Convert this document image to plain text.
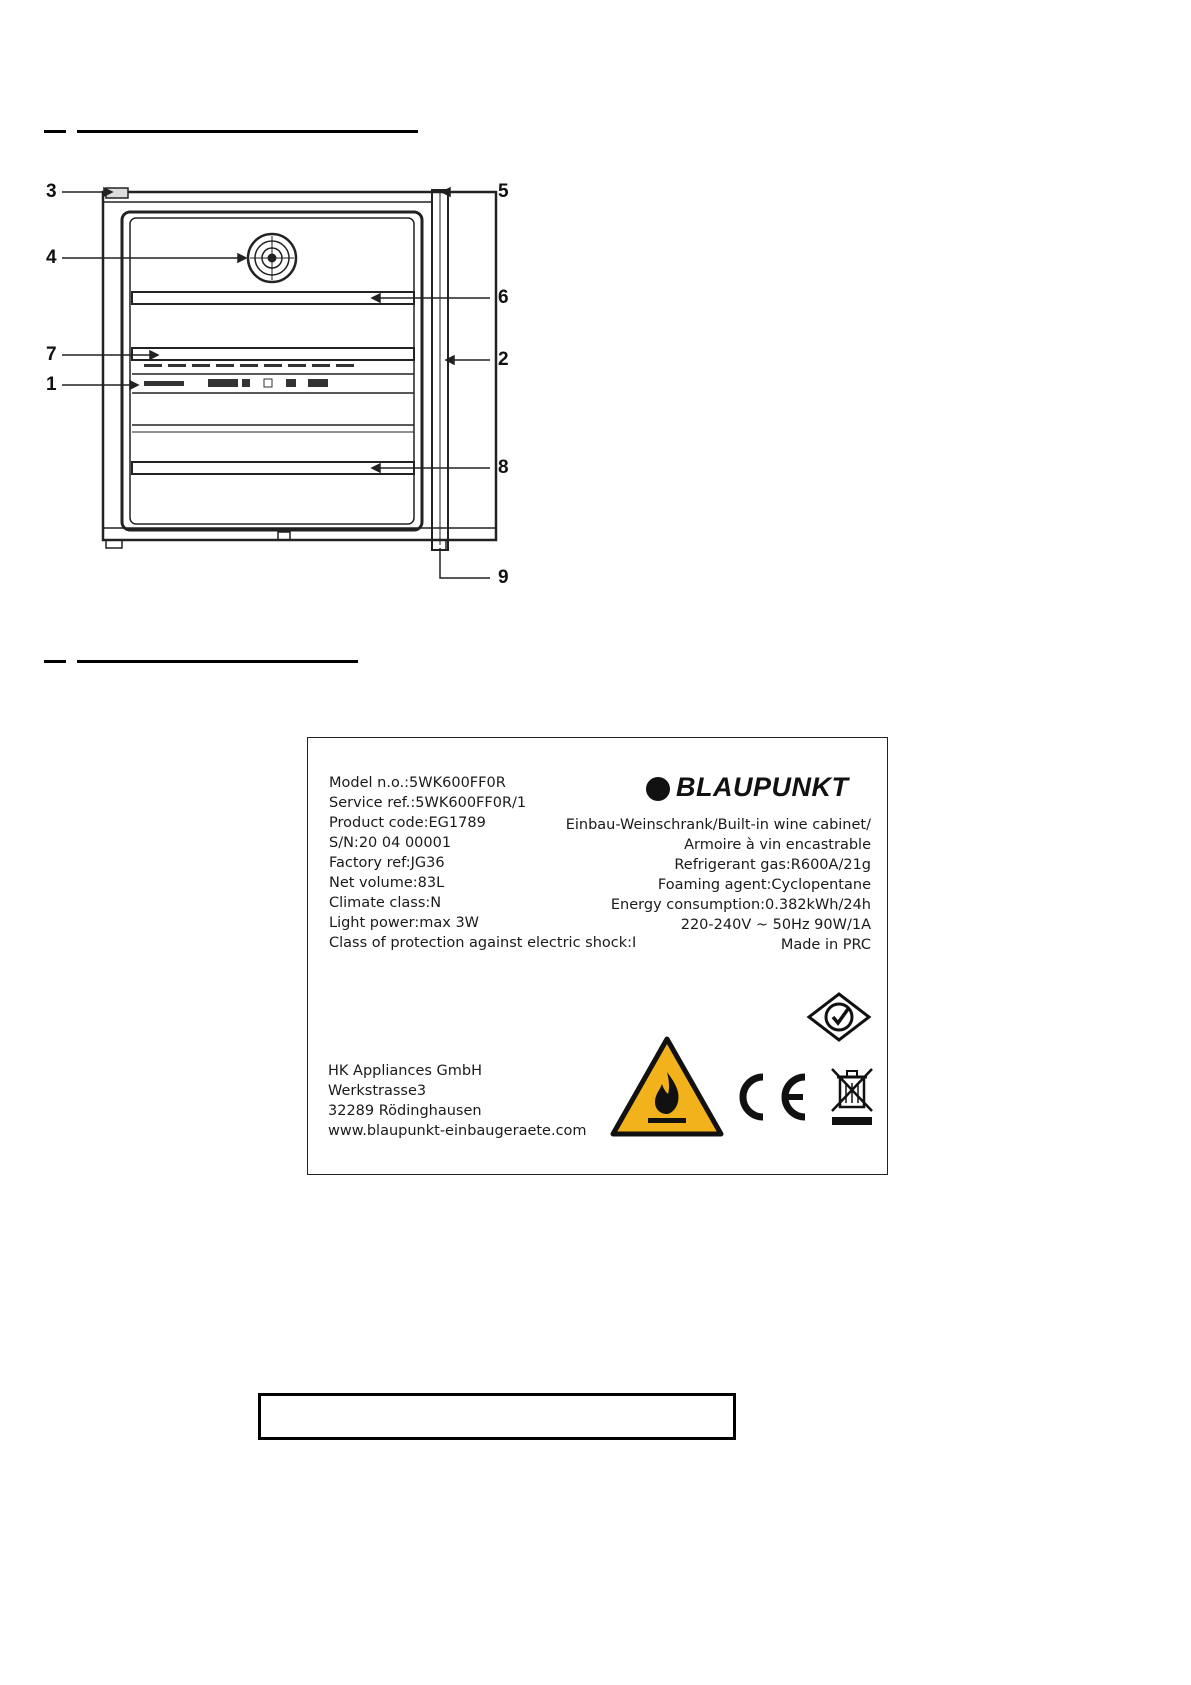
3
4
7
1
5
6
2
8
9
Model n.o.:5WK600FF0R
Service ref.:5WK600FF0R/1
Product code:EG1789
S/N:20 04 00001
Factory ref:JG36
Net volume:83L
Climate class:N
Light power:max 3W
Class of protection against electric shock:I
BLAUPUNKT
Einbau-Weinschrank/Built-in wine cabinet/
Armoire à vin encastrable
Refrigerant gas:R600A/21g
Foaming agent:Cyclopentane
Energy consumption:0.382kWh/24h
220-240V ~ 50Hz 90W/1A
Made in PRC
HK Appliances GmbH
Werkstrasse3
32289 Rödinghausen
www.blaupunkt-einbaugeraete.com
